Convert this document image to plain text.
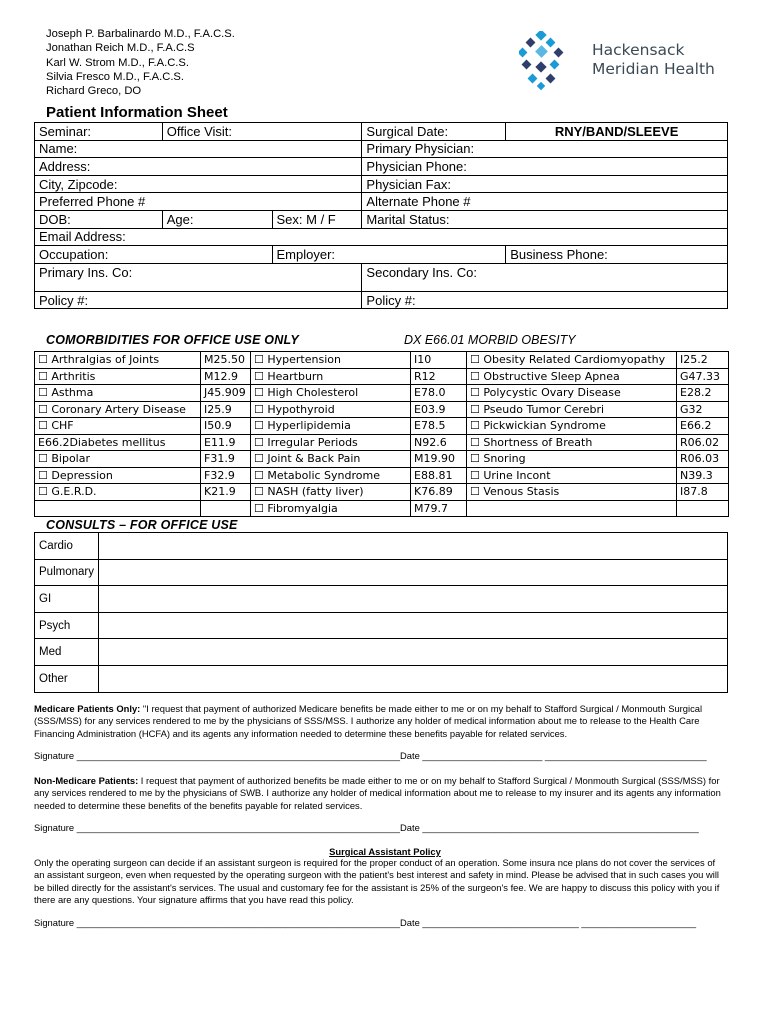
Joseph P. Barbalinardo M.D., F.A.C.S.
Jonathan Reich M.D., F.A.C.S
Karl W. Strom M.D., F.A.C.S.
Silvia Fresco M.D., F.A.C.S.
Richard Greco, DO
Hackensack
Meridian Health
Patient Information Sheet
Seminar:	Office Visit:		Surgical Date:	RNY/BAND/SLEEVE
Name:			Primary Physician:	
Address:			Physician Phone:	
City, Zipcode:			Physician Fax:	
Preferred Phone #			Alternate Phone #	
DOB:	Age:	Sex: M / F	Marital Status:	
Email Address:				
Occupation:		Employer:		Business Phone:
Primary Ins. Co:			Secondary Ins. Co:	
Policy #:			Policy #:	
COMORBIDITIES FOR OFFICE USE ONLY	DX E66.01 MORBID OBESITY
☐ Arthralgias of Joints	M25.50	☐ Hypertension	I10	☐ Obesity Related Cardiomyopathy	I25.2
☐ Arthritis	M12.9	☐ Heartburn	R12	☐ Obstructive Sleep Apnea	G47.33
☐ Asthma	J45.909	☐ High Cholesterol	E78.0	☐ Polycystic Ovary Disease	E28.2
☐ Coronary Artery Disease	I25.9	☐ Hypothyroid	E03.9	☐ Pseudo Tumor Cerebri	G32
☐ CHF	I50.9	☐ Hyperlipidemia	E78.5	☐ Pickwickian Syndrome	E66.2
E66.2Diabetes mellitus	E11.9	☐ Irregular Periods	N92.6	☐ Shortness of Breath	R06.02
☐ Bipolar	F31.9	☐ Joint & Back Pain	M19.90	☐ Snoring	R06.03
☐ Depression	F32.9	☐ Metabolic Syndrome	E88.81	☐ Urine Incont	N39.3
☐ G.E.R.D.	K21.9	☐ NASH (fatty liver)	K76.89	☐ Venous Stasis	I87.8
		☐ Fibromyalgia	M79.7		
CONSULTS – FOR OFFICE USE
Cardio	
Pulmonary	
GI	
Psych	
Med	
Other	
Medicare Patients Only: "I request that payment of authorized Medicare benefits be made either to me or on my behalf to Stafford Surgical / Monmouth Surgical (SSS/MSS) for any services rendered to me by the physicians of SSS/MSS. I authorize any holder of medical information about me to release to the Health Care Financing Administration (HCFA) and its agents any information needed to determine these benefits payable for related services.
Signature ______________________________________________________________Date _______________________ _______________________________
Non-Medicare Patients: I request that payment of authorized benefits be made either to me or on my behalf to Stafford Surgical / Monmouth Surgical (SSS/MSS) for any services rendered to me by the physicians of SWB. I authorize any holder of medical information about me to release to my insurer and its agents any information needed to determine these benefits of the benefits payable for related services.
Signature ______________________________________________________________Date _____________________________________________________
Surgical Assistant Policy
Only the operating surgeon can decide if an assistant surgeon is required for the proper conduct of an operation. Some insura nce plans do not cover the services of an assistant surgeon, even when requested by the operating surgeon with the patient's best interest and safety in mind. Please be advised that in such cases you will be billed directly for the assistant's services. The usual and customary fee for the assistant is 25% of the surgeon's fee. We are happy to discuss this policy with you if there are any questions. Your signature affirms that you have read this policy.
Signature ______________________________________________________________Date ______________________________ ______________________
